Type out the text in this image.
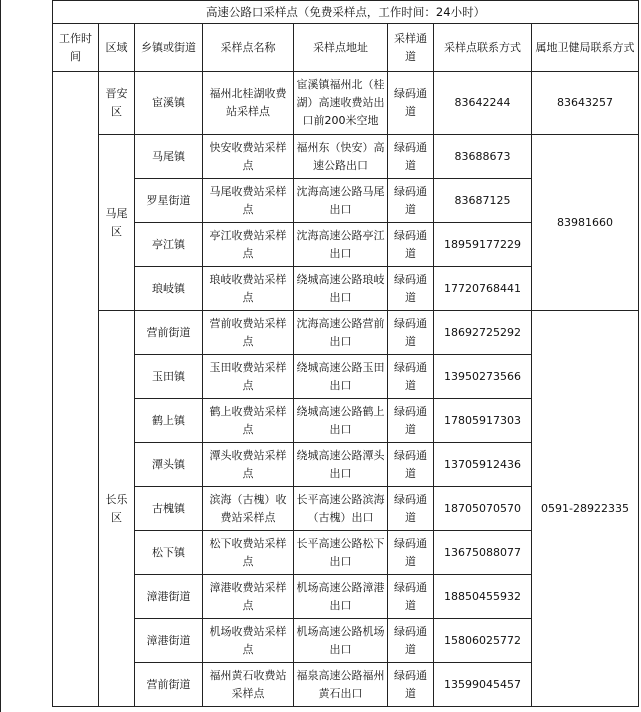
高速公路口采样点（免费采样点，工作时间：24小时）							
工作时间	区域	乡镇或街道	采样点名称	采样点地址	采样通道	采样点联系方式	属地卫健局联系方式
	晋安区	宦溪镇	福州北桂湖收费站采样点	宦溪镇福州北（桂湖）高速收费站出口前200米空地	绿码通道	83642244	83643257
	马尾区	马尾镇	快安收费站采样点	福州东（快安）高速公路出口	绿码通道	83688673	83981660
		罗星街道	马尾收费站采样点	沈海高速公路马尾出口	绿码通道	83687125	
		亭江镇	亭江收费站采样点	沈海高速公路亭江出口	绿码通道	18959177229	
		琅岐镇	琅岐收费站采样点	绕城高速公路琅岐出口	绿码通道	17720768441	
	长乐区	营前街道	营前收费站采样点	沈海高速公路营前出口	绿码通道	18692725292	0591-28922335
		玉田镇	玉田收费站采样点	绕城高速公路玉田出口	绿码通道	13950273566	
		鹤上镇	鹤上收费站采样点	绕城高速公路鹤上出口	绿码通道	17805917303	
		潭头镇	潭头收费站采样点	绕城高速公路潭头出口	绿码通道	13705912436	
		古槐镇	滨海（古槐）收费站采样点	长平高速公路滨海（古槐）出口	绿码通道	18705070570	
		松下镇	松下收费站采样点	长平高速公路松下出口	绿码通道	13675088077	
		漳港街道	漳港收费站采样点	机场高速公路漳港出口	绿码通道	18850455932	
		漳港街道	机场收费站采样点	机场高速公路机场出口	绿码通道	15806025772	
		营前街道	福州黄石收费站采样点	福泉高速公路福州黄石出口	绿码通道	13599045457	
